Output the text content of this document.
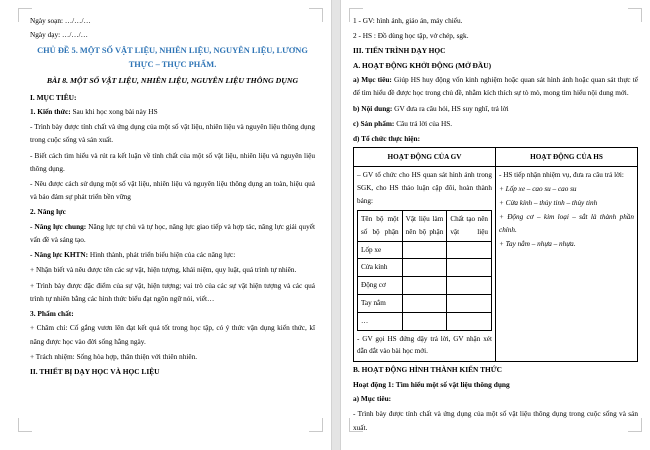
Ngày soạn: …/…/…

Ngày dạy: …/…/…

CHỦ ĐỀ 5. MỘT SỐ VẬT LIỆU, NHIÊN LIỆU, NGUYÊN LIỆU, LƯƠNG THỰC – THỰC PHẨM.

BÀI 8. MỘT SỐ VẬT LIỆU, NHIÊN LIỆU, NGUYÊN LIỆU THÔNG DỤNG

I. MỤC TIÊU:

1. Kiến thức: Sau khi học xong bài này HS

- Trình bày được tính chất và ứng dụng của một số vật liệu, nhiên liệu và nguyên liệu thông dụng trong cuộc sống và sản xuất.

- Biết cách tìm hiểu và rút ra kết luận về tính chất của một số vật liệu, nhiên liệu và nguyên liệu thông dụng.

- Nêu được cách sử dụng một số vật liệu, nhiên liệu và nguyên liệu thông dụng an toàn, hiệu quả và bảo đảm sự phát triển bền vững

2. Năng lực

- Năng lực chung: Năng lực tự chủ và tự học, năng lực giao tiếp và hợp tác, năng lực giải quyết vấn đề và sáng tạo.

- Năng lực KHTN: Hình thành, phát triển biểu hiện của các năng lực:

+ Nhận biết và nêu được tên các sự vật, hiện tượng, khái niệm, quy luật, quá trình tự nhiên.

+ Trình bày được đặc điểm của sự vật, hiện tượng; vai trò của các sự vật hiện tượng và các quá trình tự nhiên bằng các hình thức biểu đạt ngôn ngữ nói, viết…

3. Phẩm chất:

+ Chăm chỉ: Cố gắng vươn lên đạt kết quả tốt trong học tập, có ý thức vận dụng kiến thức, kĩ năng được học vào đời sống hằng ngày.

+ Trách nhiệm: Sống hòa hợp, thân thiện với thiên nhiên.

II. THIẾT BỊ DẠY HỌC VÀ HỌC LIỆU

1 - GV: hình ảnh, giáo án, máy chiếu.

2 - HS : Đồ dùng học tập, vở chép, sgk.

III. TIẾN TRÌNH DẠY HỌC

A. HOẠT ĐỘNG KHỞI ĐỘNG (MỞ ĐẦU)

a) Mục tiêu: Giúp HS huy động vốn kinh nghiệm hoặc quan sát hình ảnh hoặc quan sát thực tế để tìm hiểu đề được học trong chủ đề, nhằm kích thích sự tò mò, mong tìm hiểu nội dung mới.

b) Nội dung: GV đưa ra câu hỏi, HS suy nghĩ, trả lời

c) Sản phẩm: Câu trả lời của HS.

d) Tổ chức thực hiện:

HOẠT ĐỘNG CỦA GV	HOẠT ĐỘNG CỦA HS

– GV tổ chức cho HS quan sát hình ảnh trong SGK, cho HS thảo luận cặp đôi, hoàn thành bảng:

Tên bộ một số bộ phận	Vật liệu làm nên bộ phận	Chất tạo nên vật liệu
Lốp xe		
Cửa kính		
Động cơ		
Tay nắm		
…		

- GV gọi HS đứng dậy trả lời, GV nhận xét dẫn dắt vào bài học mới.

- HS tiếp nhận nhiệm vụ, đưa ra câu trả lời:

+ Lốp xe – cao su – cao su

+ Cửa kính – thủy tinh – thủy tinh

+ Động cơ – kim loại – sắt là thành phần chính.

+ Tay nắm – nhựa – nhựa.

B. HOẠT ĐỘNG HÌNH THÀNH KIẾN THỨC

Hoạt động 1: Tìm hiểu một số vật liệu thông dụng

a) Mục tiêu:

- Trình bày được tính chất và ứng dụng của một số vật liệu thông dụng trong cuộc sống và sản xuất.
